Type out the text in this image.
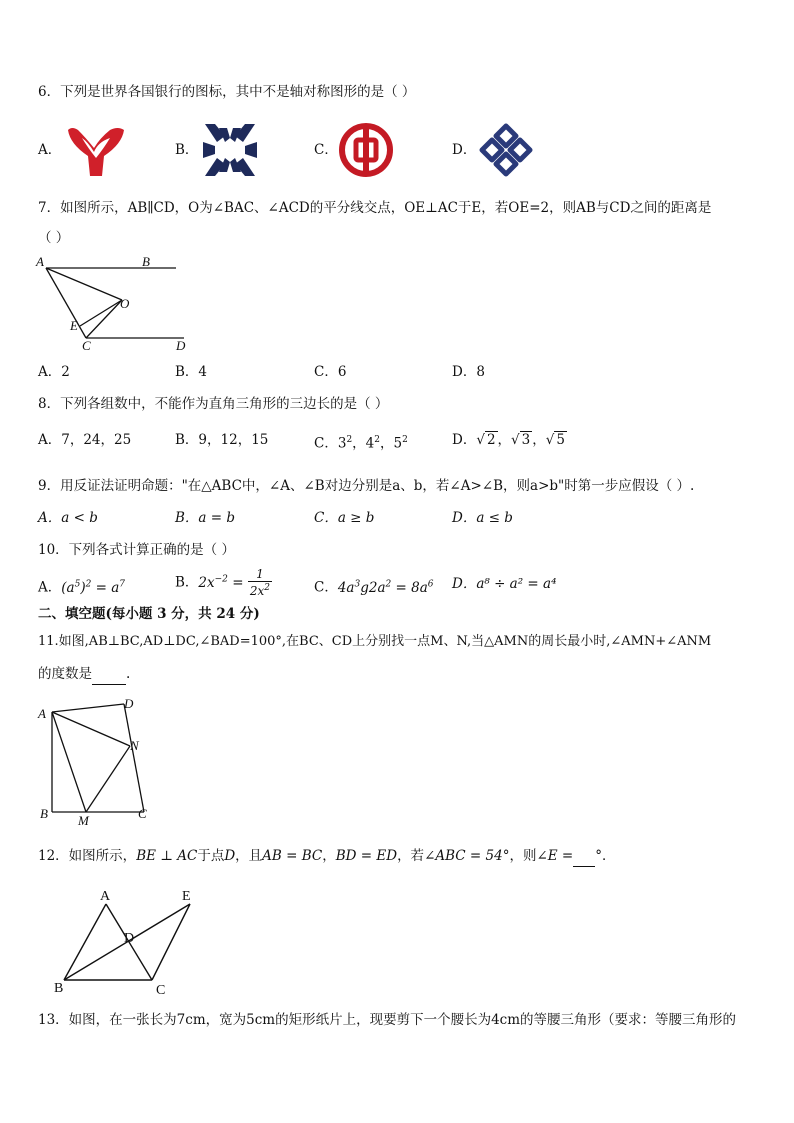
6．下列是世界各国银行的图标，其中不是轴对称图形的是（ ）
A．	B．	C．	D．
7．如图所示，AB∥CD，O为∠BAC、∠ACD的平分线交点，OE⊥AC于E，若OE=2，则AB与CD之间的距离是
（ ）
A	B
O
E
C	D
A．2	B．4	C．6	D．8
8．下列各组数中，不能作为直角三角形的三边长的是（ ）
A．7，24，25	B．9，12，15	C．$3^2$，$4^2$，$5^2$	D．√ 2 ，√ 3 ，√ 5
9．用反证法证明命题："在△ABC中，∠A、∠B对边分别是a、b，若∠A>∠B，则a>b"时第一步应假设（ ）.
A．a < b	B．a = b	C．a ≥ b	D．a ≤ b
10．下列各式计算正确的是（ ）
A．$(a^5)^2 = a^7$	B．$2x^{-2} = \frac{1}{2x^2}$	C．$4a^3g2a^2 = 8a^6$ D．a⁸ ÷ a² = a⁴
二、填空题(每小题 3 分，共 24 分)
11.如图,AB⊥BC,AD⊥DC,∠BAD=100°,在BC、CD上分别找一点M、N,当△AMN的周长最小时,∠AMN+∠ANM
的度数是	.
A
D
N
B M	C
12．如图所示，BE ⊥ AC于点D，且AB = BC，BD = ED，若∠ABC = 54°，则∠E = °．
A	E
D
B	C
13．如图，在一张长为7cm，宽为5cm的矩形纸片上，现要剪下一个腰长为4cm的等腰三角形（要求：等腰三角形的
